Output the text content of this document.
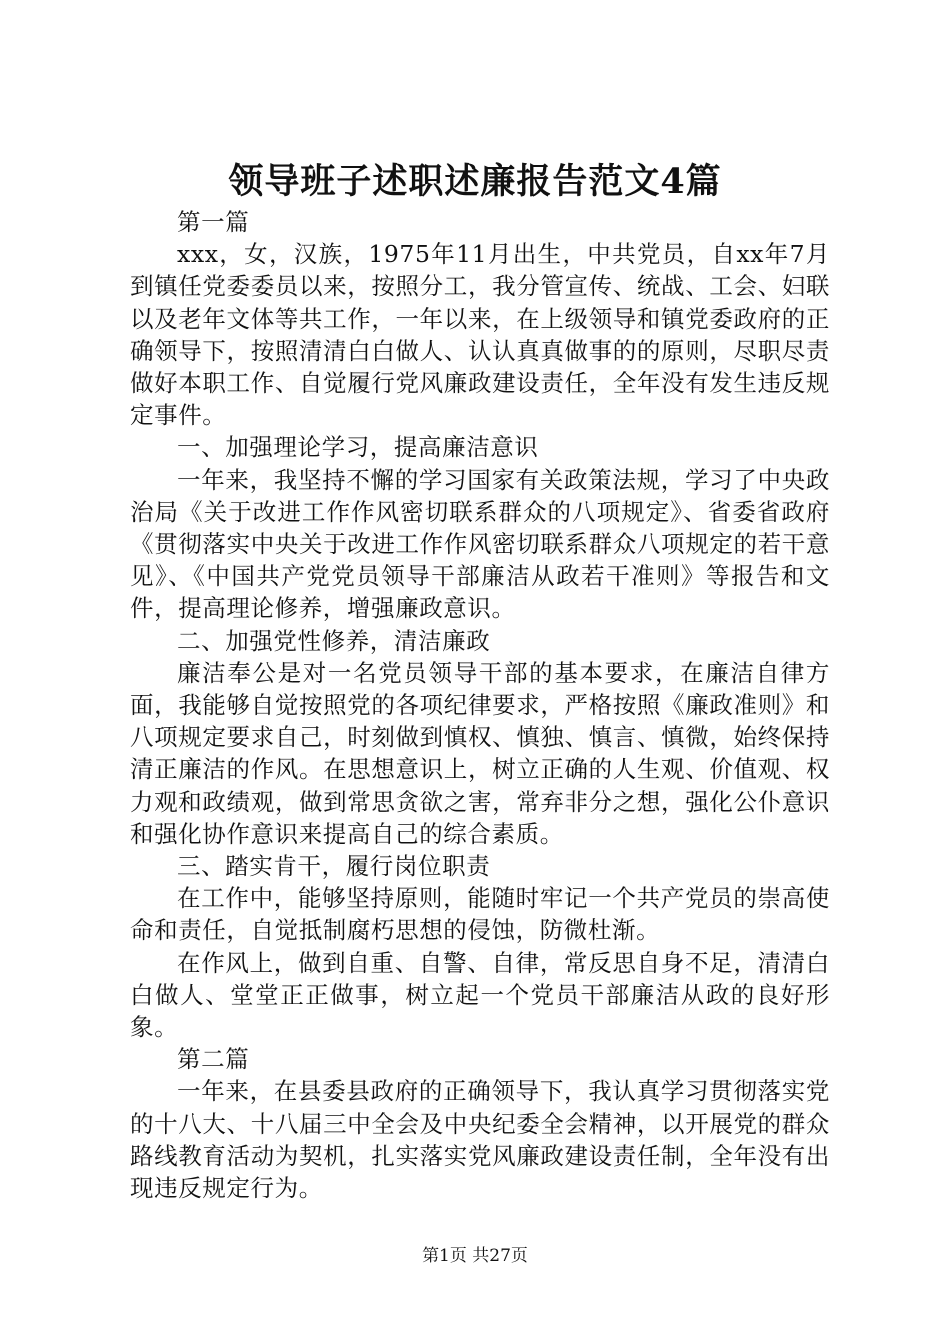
领导班子述职述廉报告范文4篇

第一篇

xxx，女，汉族，1975年11月出生，中共党员，自xx年7月到镇任党委委员以来，按照分工，我分管宣传、统战、工会、妇联以及老年文体等共工作，一年以来，在上级领导和镇党委政府的正确领导下，按照清清白白做人、认认真真做事的的原则，尽职尽责做好本职工作、自觉履行党风廉政建设责任，全年没有发生违反规定事件。

一、加强理论学习，提高廉洁意识

一年来，我坚持不懈的学习国家有关政策法规，学习了中央政治局《关于改进工作作风密切联系群众的八项规定》、省委省政府《贯彻落实中央关于改进工作作风密切联系群众八项规定的若干意见》、《中国共产党党员领导干部廉洁从政若干准则》等报告和文件，提高理论修养，增强廉政意识。

二、加强党性修养，清洁廉政

廉洁奉公是对一名党员领导干部的基本要求，在廉洁自律方面，我能够自觉按照党的各项纪律要求，严格按照《廉政准则》和八项规定要求自己，时刻做到慎权、慎独、慎言、慎微，始终保持清正廉洁的作风。在思想意识上，树立正确的人生观、价值观、权力观和政绩观，做到常思贪欲之害，常弃非分之想，强化公仆意识和强化协作意识来提高自己的综合素质。

三、踏实肯干，履行岗位职责

在工作中，能够坚持原则，能随时牢记一个共产党员的崇高使命和责任，自觉抵制腐朽思想的侵蚀，防微杜渐。

在作风上，做到自重、自警、自律，常反思自身不足，清清白白做人、堂堂正正做事，树立起一个党员干部廉洁从政的良好形象。

第二篇

一年来，在县委县政府的正确领导下，我认真学习贯彻落实党的十八大、十八届三中全会及中央纪委全会精神，以开展党的群众路线教育活动为契机，扎实落实党风廉政建设责任制，全年没有出现违反规定行为。

第1页 共27页
